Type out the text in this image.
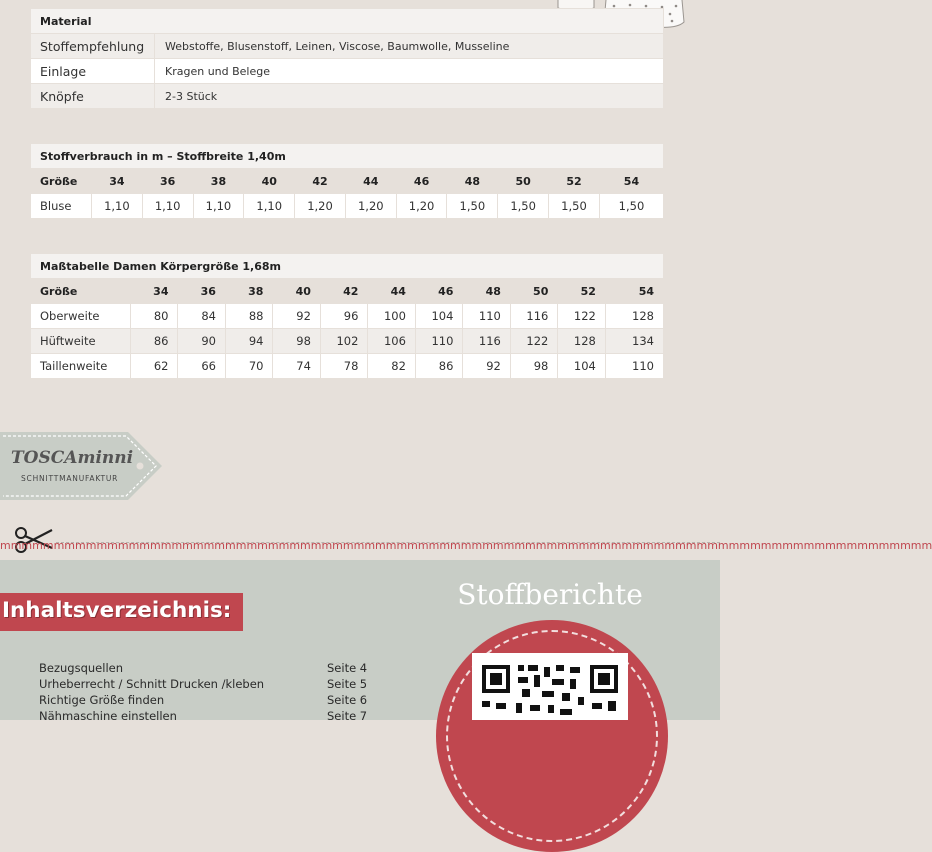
Material	
Stoffempfehlung	Webstoffe, Blusenstoff, Leinen, Viscose, Baumwolle, Musseline
Einlage	Kragen und Belege
Knöpfe	2-3 Stück
Stoffverbrauch in m – Stoffbreite 1,40m											
Größe	34	36	38	40	42	44	46	48	50	52	54
Bluse	1,10	1,10	1,10	1,10	1,20	1,20	1,20	1,50	1,50	1,50	1,50
Maßtabelle Damen Körpergröße 1,68m											
Größe	34	36	38	40	42	44	46	48	50	52	54
Oberweite	80	84	88	92	96	100	104	110	116	122	128
Hüftweite	86	90	94	98	102	106	110	116	122	128	134
Taillenweite	62	66	70	74	78	82	86	92	98	104	110
TOSCAminni
SCHNITTMANUFAKTUR
mmmmmmmmmmmmmmmmmmmmmmmmmmmmmmmmmmmmmmmmmmmmmmmmmmmmmmmmmmmmmmmmmmmmmmmmmmmmmmmmmmmmmmm
Inhaltsverzeichnis:
Bezugsquellen	Seite 4
Urheberrecht / Schnitt Drucken /kleben	Seite 5
Richtige Größe finden	Seite 6
Nähmaschine einstellen	Seite 7
Stoffberichte
